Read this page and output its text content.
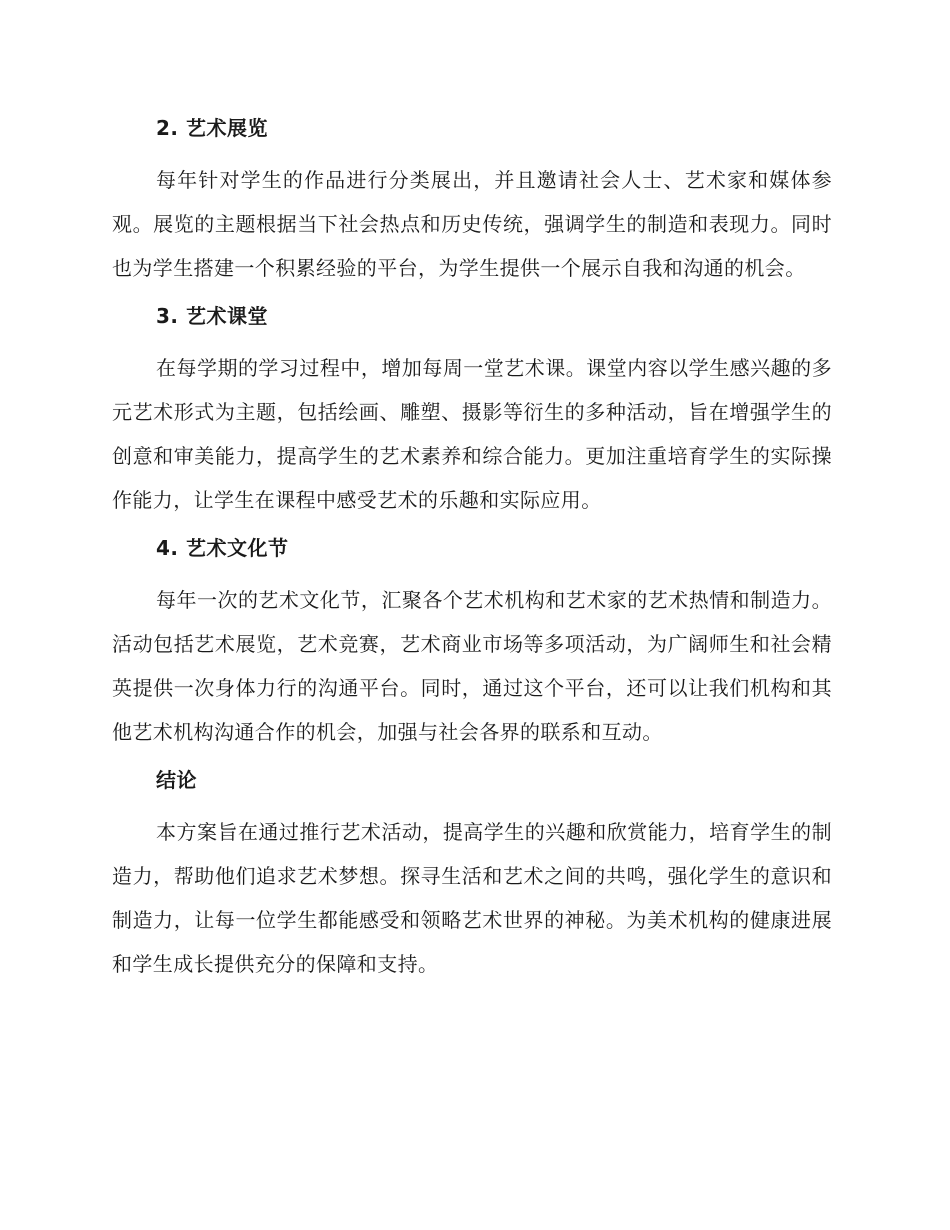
2. 艺术展览
每年针对学生的作品进行分类展出，并且邀请社会人士、艺术家和媒体参观。展览的主题根据当下社会热点和历史传统，强调学生的制造和表现力。同时也为学生搭建一个积累经验的平台，为学生提供一个展示自我和沟通的机会。
3. 艺术课堂
在每学期的学习过程中，增加每周一堂艺术课。课堂内容以学生感兴趣的多元艺术形式为主题，包括绘画、雕塑、摄影等衍生的多种活动，旨在增强学生的创意和审美能力，提高学生的艺术素养和综合能力。更加注重培育学生的实际操作能力，让学生在课程中感受艺术的乐趣和实际应用。
4. 艺术文化节
每年一次的艺术文化节，汇聚各个艺术机构和艺术家的艺术热情和制造力。活动包括艺术展览，艺术竞赛，艺术商业市场等多项活动，为广阔师生和社会精英提供一次身体力行的沟通平台。同时，通过这个平台，还可以让我们机构和其他艺术机构沟通合作的机会，加强与社会各界的联系和互动。
结论
本方案旨在通过推行艺术活动，提高学生的兴趣和欣赏能力，培育学生的制造力，帮助他们追求艺术梦想。探寻生活和艺术之间的共鸣，强化学生的意识和制造力，让每一位学生都能感受和领略艺术世界的神秘。为美术机构的健康进展和学生成长提供充分的保障和支持。
